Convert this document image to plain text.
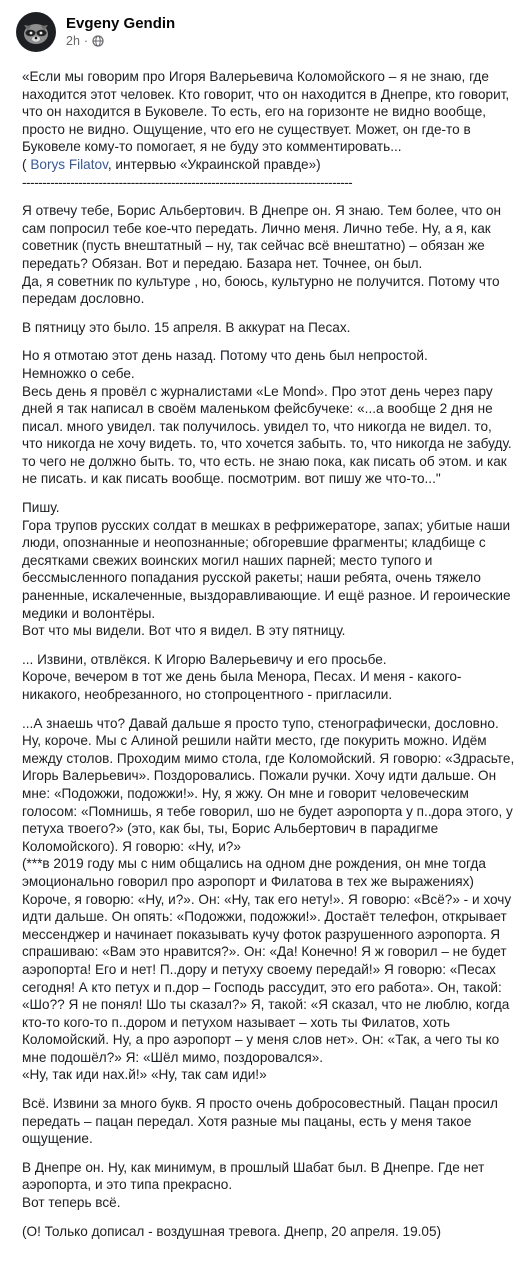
Evgeny Gendin
2h ·

«Если мы говорим про Игоря Валерьевича Коломойского – я не знаю, где находится этот человек. Кто говорит, что он находится в Днепре, кто говорит, что он находится в Буковеле. То есть, его на горизонте не видно вообще, просто не видно. Ощущение, что его не существует. Может, он где-то в Буковеле кому-то помогает, я не буду это комментировать...
( Borys Filatov, интервью «Украинской правде»)
----------------------------------------------------------------------------------

Я отвечу тебе, Борис Альбертович. В Днепре он. Я знаю. Тем более, что он сам попросил тебе кое-что передать. Лично меня. Лично тебе. Ну, а я, как советник (пусть внештатный – ну, так сейчас всё внештатно) – обязан же передать? Обязан. Вот и передаю. Базара нет. Точнее, он был.
Да, я советник по культуре , но, боюсь, культурно не получится. Потому что передам дословно.

В пятницу это было. 15 апреля. В аккурат на Песах.

Но я отмотаю этот день назад. Потому что день был непростой.
Немножко о себе.
Весь день я провёл с журналистами «Le Mond». Про этот день через пару дней я так написал в своём маленьком фейсбучеке: «...а вообще 2 дня не писал. много увидел. так получилось. увидел то, что никогда не видел. то, что никогда не хочу видеть. то, что хочется забыть. то, что никогда не забуду. то чего не должно быть. то, что есть. не знаю пока, как писать об этом. и как не писать. и как писать вообще. посмотрим. вот пишу же что-то..."

Пишу.
Гора трупов русских солдат в мешках в рефрижераторе, запах; убитые наши люди, опознанные и неопознанные; обгоревшие фрагменты; кладбище с десятками свежих воинских могил наших парней; место тупого и бессмысленного попадания русской ракеты; наши ребята, очень тяжело раненные, искалеченные, выздоравливающие. И ещё разное. И героические медики и волонтёры.
Вот что мы видели. Вот что я видел. В эту пятницу.

... Извини, отвлёкся. К Игорю Валерьевичу и его просьбе.
Короче, вечером в тот же день была Менора, Песах. И меня - какого-никакого, необрезанного, но стопроцентного - пригласили.

...А знаешь что? Давай дальше я просто тупо, стенографически, дословно. Ну, короче. Мы с Алиной решили найти место, где покурить можно. Идём между столов. Проходим мимо стола, где Коломойский. Я говорю: «Здрасьте, Игорь Валерьевич». Поздоровались. Пожали ручки. Хочу идти дальше. Он мне: «Подожжи, подожжи!». Ну, я жжу. Он мне и говорит человеческим голосом: «Помнишь, я тебе говорил, шо не будет аэропорта у п..дора этого, у петуха твоего?» (это, как бы, ты, Борис Альбертович в парадигме Коломойского). Я говорю: «Ну, и?»
(***в 2019 году мы с ним общались на одном дне рождения, он мне тогда эмоционально говорил про аэропорт и Филатова в тех же выражениях)
Короче, я говорю: «Ну, и?». Он: «Ну, так его нету!». Я говорю: «Всё?» - и хочу идти дальше. Он опять: «Подожжи, подожжи!». Достаёт телефон, открывает мессенджер и начинает показывать кучу фоток разрушенного аэропорта. Я спрашиваю: «Вам это нравится?». Он: «Да! Конечно! Я ж говорил – не будет аэропорта! Его и нет! П..дору и петуху своему передай!» Я говорю: «Песах сегодня! А кто петух и п.дор – Господь рассудит, это его работа». Он, такой: «Шо?? Я не понял! Шо ты сказал?» Я, такой: «Я сказал, что не люблю, когда кто-то кого-то п..дором и петухом называет – хоть ты Филатов, хоть Коломойский. Ну, а про аэропорт – у меня слов нет». Он: «Так, а чего ты ко мне подошёл?» Я: «Шёл мимо, поздоровался».
«Ну, так иди нах.й!» «Ну, так сам иди!»

Всё. Извини за много букв. Я просто очень добросовестный. Пацан просил передать – пацан передал. Хотя разные мы пацаны, есть у меня такое ощущение.

В Днепре он. Ну, как минимум, в прошлый Шабат был. В Днепре. Где нет аэропорта, и это типа прекрасно.
Вот теперь всё.

(О! Только дописал - воздушная тревога. Днепр, 20 апреля. 19.05)
